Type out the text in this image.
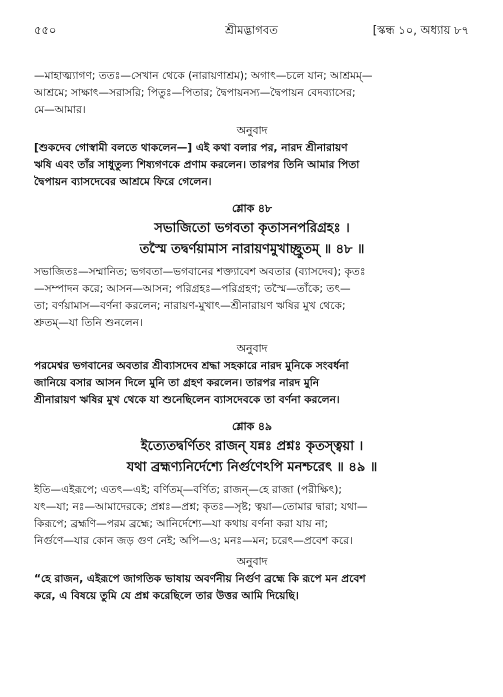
৫৫০	শ্রীমদ্ভাগবত	[স্কন্ধ ১০, অধ্যায় ৮৭
—মাহাত্ম্যাগণ; ততঃ—সেখান থেকে (নারায়ণাশ্রম); অগাৎ—চলে যান; আশ্রমম্—
আশ্রমে; সাক্ষাৎ—সরাসরি; পিতুঃ—পিতার; দ্বৈপায়নস্য—দ্বৈপায়ন বেদব্যাসের;
মে—আমার।
অনুবাদ
[শুকদেব গোস্বামী বলতে থাকলেন—] এই কথা বলার পর, নারদ শ্রীনারায়ণ
ঋষি এবং তাঁর সাধুতুল্য শিষ্যগণকে প্রণাম করলেন। তারপর তিনি আমার পিতা
দ্বৈপায়ন ব্যাসদেবের আশ্রমে ফিরে গেলেন।
শ্লোক ৪৮
সভাজিতো ভগবতা কৃতাসনপরিগ্রহঃ ।
তস্মৈ তদ্বর্ণয়ামাস নারায়ণমুখাচ্ছ্রুতম্ ॥ ৪৮ ॥
সভাজিতঃ—সম্মানিত; ভগবতা—ভগবানের শক্ত্যাবেশ অবতার (ব্যাসদেব); কৃতঃ
—সম্পাদন করে; আসন—আসন; পরিগ্রহঃ—পরিগ্রহণ; তস্মৈ—তাঁকে; তৎ—
তা; বর্ণয়ামাস—বর্ণনা করলেন; নারায়ণ-মুখাৎ—শ্রীনারায়ণ ঋষির মুখ থেকে;
শ্রুতম্—যা তিনি শুনলেন।
অনুবাদ
পরমেশ্বর ভগবানের অবতার শ্রীব্যাসদেব শ্রদ্ধা সহকারে নারদ মুনিকে সংবর্ধনা
জানিয়ে বসার আসন দিলে মুনি তা গ্রহণ করলেন। তারপর নারদ মুনি
শ্রীনারায়ণ ঋষির মুখ থেকে যা শুনেছিলেন ব্যাসদেবকে তা বর্ণনা করলেন।
শ্লোক ৪৯
ইত্যেতদ্বর্ণিতং রাজন্ যন্নঃ প্রশ্নঃ কৃতস্ত্বয়া ।
যথা ব্রহ্মণ্যনির্দেশ্যে নির্গুণেঽপি মনশ্চরেৎ ॥ ৪৯ ॥
ইতি—এইরূপে; এতৎ—এই; বর্ণিতম্—বর্ণিত; রাজন্—হে রাজা (পরীক্ষিৎ);
যৎ—যা; নঃ—আমাদেরকে; প্রশ্নঃ—প্রশ্ন; কৃতঃ—সৃষ্ট; ত্বয়া—তোমার দ্বারা; যথা—
কিরূপে; ব্রহ্মণি—পরম ব্রহ্মে; আনির্দেশ্যে—যা কথায় বর্ণনা করা যায় না;
নির্গুণে—যার কোন জড় গুণ নেই; অপি—ও; মনঃ—মন; চরেৎ—প্রবেশ করে।
অনুবাদ
“হে রাজন, এইরূপে জাগতিক ভাষায় অবর্ণনীয় নির্গুণ ব্রহ্মে কি রূপে মন প্রবেশ
করে, এ বিষয়ে তুমি যে প্রশ্ন করেছিলে তার উত্তর আমি দিয়েছি।
